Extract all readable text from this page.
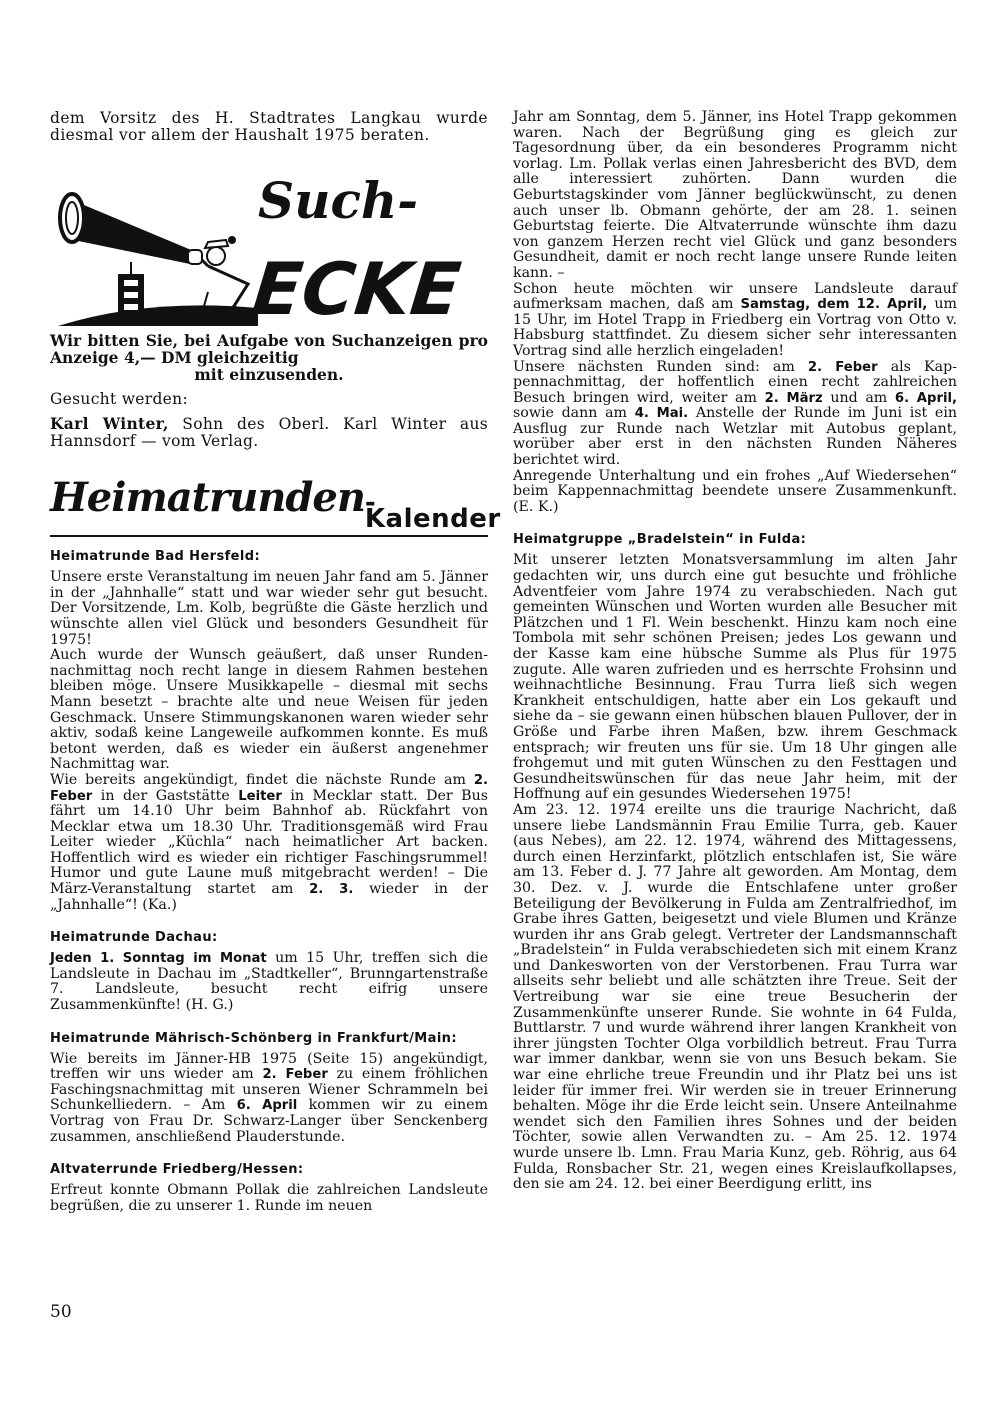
dem Vorsitz des H. Stadtrates Langkau wurde diesmal vor allem der Haushalt 1975 beraten.

Such-
ECKE

Wir bitten Sie, bei Aufgabe von Suchanzeigen pro Anzeige 4,— DM gleichzeitig
mit einzusenden.

Gesucht werden:

Karl Winter, Sohn des Oberl. Karl Winter aus Hannsdorf — vom Verlag.

Heimatrunden -Kalender
Heimatrunde Bad Hersfeld:

Unsere erste Veranstaltung im neuen Jahr fand am 5. Jänner in der „Jahnhalle“ statt und war wieder sehr gut besucht. Der Vorsitzende, Lm. Kolb, begrüßte die Gäste herzlich und wünschte allen viel Glück und besonders Gesundheit für 1975!

Auch wurde der Wunsch geäußert, daß unser Rundennachmittag noch recht lange in diesem Rahmen bestehen bleiben möge. Unsere Musikkapelle – diesmal mit sechs Mann besetzt – brachte alte und neue Weisen für jeden Geschmack. Unsere Stimmungskanonen waren wieder sehr aktiv, sodaß keine Langeweile aufkommen konnte. Es muß betont werden, daß es wieder ein äußerst angenehmer Nachmittag war.

Wie bereits angekündigt, findet die nächste Runde am 2. Feber in der Gaststätte Leiter in Mecklar statt. Der Bus fährt um 14.10 Uhr beim Bahnhof ab. Rückfahrt von Mecklar etwa um 18.30 Uhr. Traditionsgemäß wird Frau Leiter wieder „Küchla“ nach heimatlicher Art backen. Hoffentlich wird es wieder ein richtiger Faschingsrummel! Humor und gute Laune muß mitgebracht werden! – Die März-Veranstaltung startet am 2. 3. wieder in der „Jahnhalle“! (Ka.)

Heimatrunde Dachau:

Jeden 1. Sonntag im Monat um 15 Uhr, treffen sich die Landsleute in Dachau im „Stadtkeller“, Brunngartenstraße 7. Landsleute, besucht recht eifrig unsere Zusammenkünfte! (H. G.)

Heimatrunde Mährisch-Schönberg in Frankfurt/Main:

Wie bereits im Jänner-HB 1975 (Seite 15) angekündigt, treffen wir uns wieder am 2. Feber zu einem fröhlichen Faschingsnachmittag mit unseren Wiener Schrammeln bei Schunkelliedern. – Am 6. April kommen wir zu einem Vortrag von Frau Dr. Schwarz-Langer über Senckenberg zusammen, anschließend Plauderstunde.

Altvaterrunde Friedberg/Hessen:

Erfreut konnte Obmann Pollak die zahlreichen Landsleute begrüßen, die zu unserer 1. Runde im neuen

Jahr am Sonntag, dem 5. Jänner, ins Hotel Trapp gekommen waren. Nach der Begrüßung ging es gleich zur Tagesordnung über, da ein besonderes Programm nicht vorlag. Lm. Pollak verlas einen Jahresbericht des BVD, dem alle interessiert zuhörten. Dann wurden die Geburtstagskinder vom Jänner beglückwünscht, zu denen auch unser lb. Obmann gehörte, der am 28. 1. seinen Geburtstag feierte. Die Altvaterrunde wünschte ihm dazu von ganzem Herzen recht viel Glück und ganz besonders Gesundheit, damit er noch recht lange unsere Runde leiten kann. –

Schon heute möchten wir unsere Landsleute darauf aufmerksam machen, daß am Samstag, dem 12. April, um 15 Uhr, im Hotel Trapp in Friedberg ein Vortrag von Otto v. Habsburg stattfindet. Zu diesem sicher sehr interessanten Vortrag sind alle herzlich eingeladen!

Unsere nächsten Runden sind: am 2. Feber als Kappennachmittag, der hoffentlich einen recht zahlreichen Besuch bringen wird, weiter am 2. März und am 6. April, sowie dann am 4. Mai. Anstelle der Runde im Juni ist ein Ausflug zur Runde nach Wetzlar mit Autobus geplant, worüber aber erst in den nächsten Runden Näheres berichtet wird.

Anregende Unterhaltung und ein frohes „Auf Wiedersehen“ beim Kappennachmittag beendete unsere Zusammenkunft. (E. K.)

Heimatgruppe „Bradelstein“ in Fulda:

Mit unserer letzten Monatsversammlung im alten Jahr gedachten wir, uns durch eine gut besuchte und fröhliche Adventfeier vom Jahre 1974 zu verabschieden. Nach gut gemeinten Wünschen und Worten wurden alle Besucher mit Plätzchen und 1 Fl. Wein beschenkt. Hinzu kam noch eine Tombola mit sehr schönen Preisen; jedes Los gewann und der Kasse kam eine hübsche Summe als Plus für 1975 zugute. Alle waren zufrieden und es herrschte Frohsinn und weihnachtliche Besinnung. Frau Turra ließ sich wegen Krankheit entschuldigen, hatte aber ein Los gekauft und siehe da – sie gewann einen hübschen blauen Pullover, der in Größe und Farbe ihren Maßen, bzw. ihrem Geschmack entsprach; wir freuten uns für sie. Um 18 Uhr gingen alle frohgemut und mit guten Wünschen zu den Festtagen und Gesundheitswünschen für das neue Jahr heim, mit der Hoffnung auf ein gesundes Wiedersehen 1975!

Am 23. 12. 1974 ereilte uns die traurige Nachricht, daß unsere liebe Landsmännin Frau Emilie Turra, geb. Kauer (aus Nebes), am 22. 12. 1974, während des Mittagessens, durch einen Herzinfarkt, plötzlich entschlafen ist, Sie wäre am 13. Feber d. J. 77 Jahre alt geworden. Am Montag, dem 30. Dez. v. J. wurde die Entschlafene unter großer Beteiligung der Bevölkerung in Fulda am Zentralfriedhof, im Grabe ihres Gatten, beigesetzt und viele Blumen und Kränze wurden ihr ans Grab gelegt. Vertreter der Landsmannschaft „Bradelstein“ in Fulda verabschiedeten sich mit einem Kranz und Dankesworten von der Verstorbenen. Frau Turra war allseits sehr beliebt und alle schätzten ihre Treue. Seit der Vertreibung war sie eine treue Besucherin der Zusammenkünfte unserer Runde. Sie wohnte in 64 Fulda, Buttlarstr. 7 und wurde während ihrer langen Krankheit von ihrer jüngsten Tochter Olga vorbildlich betreut. Frau Turra war immer dankbar, wenn sie von uns Besuch bekam. Sie war eine ehrliche treue Freundin und ihr Platz bei uns ist leider für immer frei. Wir werden sie in treuer Erinnerung behalten. Möge ihr die Erde leicht sein. Unsere Anteilnahme wendet sich den Familien ihres Sohnes und der beiden Töchter, sowie allen Verwandten zu. – Am 25. 12. 1974 wurde unsere lb. Lmn. Frau Maria Kunz, geb. Röhrig, aus 64 Fulda, Ronsbacher Str. 21, wegen eines Kreislaufkollapses, den sie am 24. 12. bei einer Beerdigung erlitt, ins

50
